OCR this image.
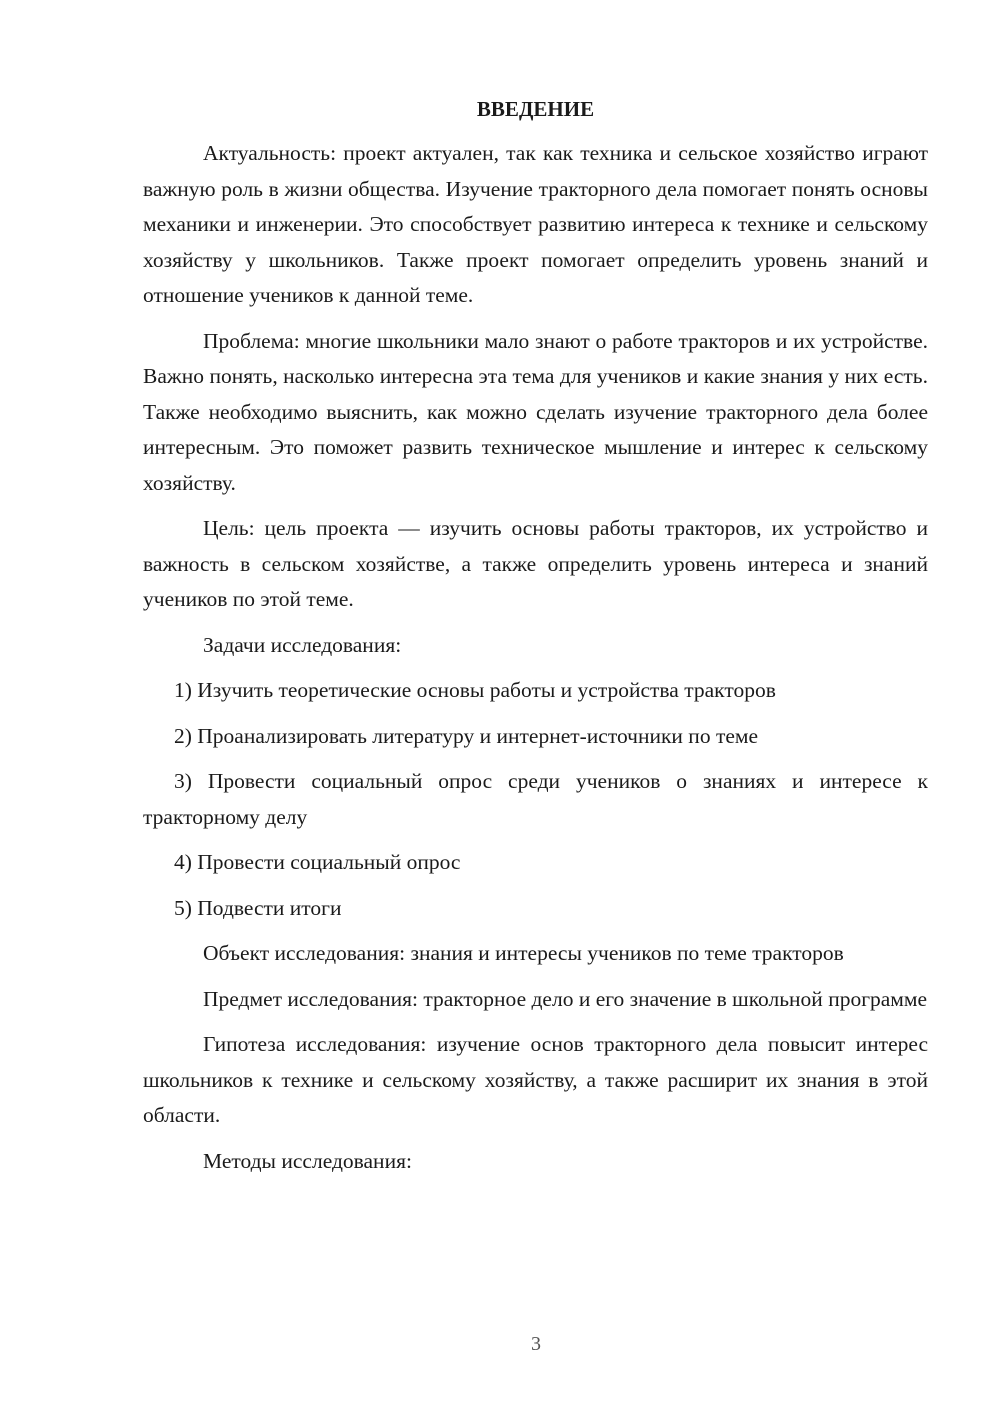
ВВЕДЕНИЕ
Актуальность: проект актуален, так как техника и сельское хозяйство играют важную роль в жизни общества. Изучение тракторного дела помогает понять основы механики и инженерии. Это способствует развитию интереса к технике и сельскому хозяйству у школьников. Также проект помогает определить уровень знаний и отношение учеников к данной теме.
Проблема: многие школьники мало знают о работе тракторов и их устройстве. Важно понять, насколько интересна эта тема для учеников и какие знания у них есть. Также необходимо выяснить, как можно сделать изучение тракторного дела более интересным. Это поможет развить техническое мышление и интерес к сельскому хозяйству.
Цель: цель проекта — изучить основы работы тракторов, их устройство и важность в сельском хозяйстве, а также определить уровень интереса и знаний учеников по этой теме.
Задачи исследования:
1) Изучить теоретические основы работы и устройства тракторов
2) Проанализировать литературу и интернет-источники по теме
3) Провести социальный опрос среди учеников о знаниях и интересе к тракторному делу
4) Провести социальный опрос
5) Подвести итоги
Объект исследования: знания и интересы учеников по теме тракторов
Предмет исследования: тракторное дело и его значение в школьной программе
Гипотеза исследования: изучение основ тракторного дела повысит интерес школьников к технике и сельскому хозяйству, а также расширит их знания в этой области.
Методы исследования:
3
